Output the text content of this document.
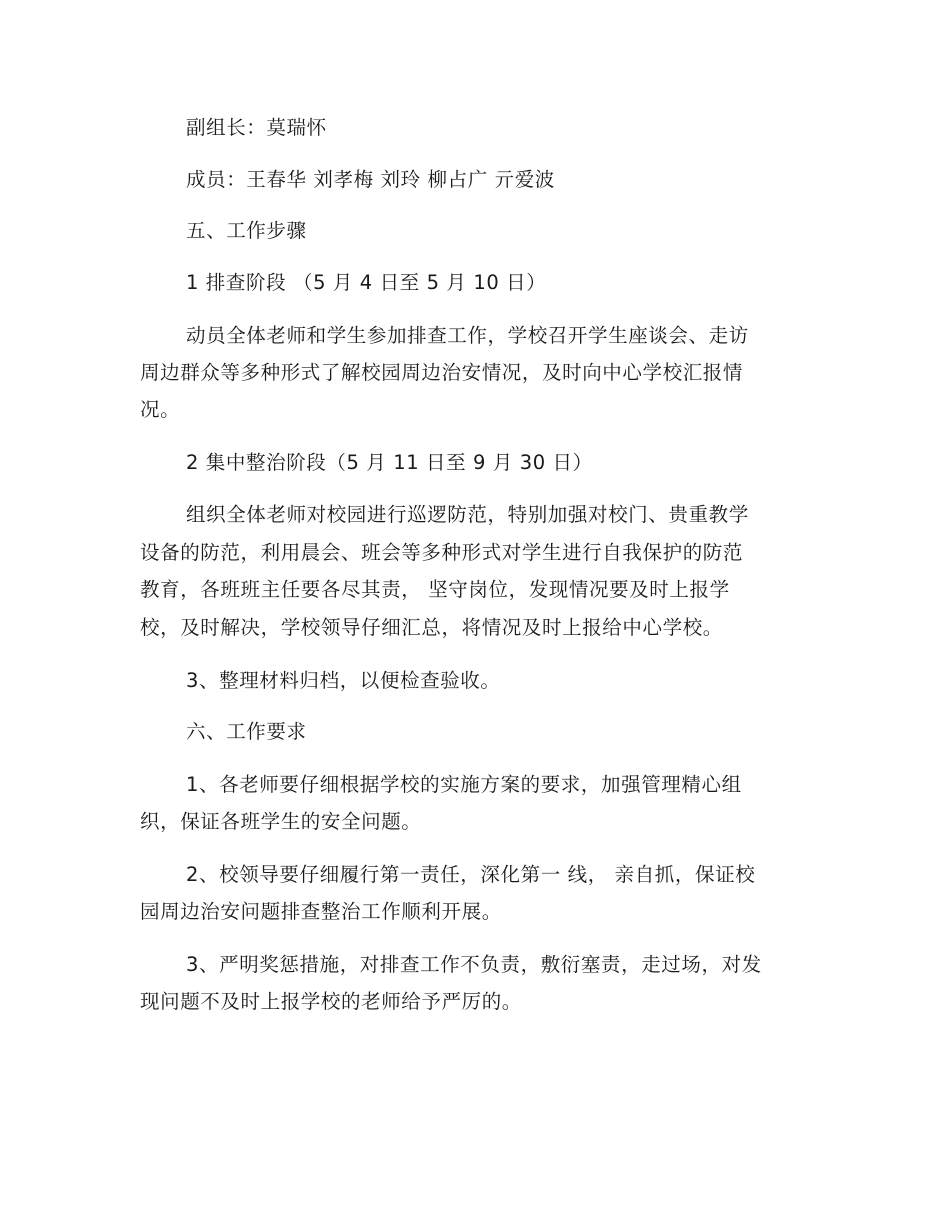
副组长：莫瑞怀
成员：王春华 刘孝梅 刘玲 柳占广 亓爱波
五、工作步骤
1 排查阶段 （5 月 4 日至 5 月 10 日）
动员全体老师和学生参加排查工作，学校召开学生座谈会、走访
周边群众等多种形式了解校园周边治安情况，及时向中心学校汇报情
况。
2 集中整治阶段（5 月 11 日至 9 月 30 日）
组织全体老师对校园进行巡逻防范，特别加强对校门、贵重教学
设备的防范，利用晨会、班会等多种形式对学生进行自我保护的防范
教育，各班班主任要各尽其责， 坚守岗位，发现情况要及时上报学
校，及时解决，学校领导仔细汇总，将情况及时上报给中心学校。
3、整理材料归档，以便检查验收。
六、工作要求
1、各老师要仔细根据学校的实施方案的要求，加强管理精心组
织，保证各班学生的安全问题。
2、校领导要仔细履行第一责任，深化第一 线， 亲自抓，保证校
园周边治安问题排查整治工作顺利开展。
3、严明奖惩措施，对排查工作不负责，敷衍塞责，走过场，对发
现问题不及时上报学校的老师给予严厉的。
